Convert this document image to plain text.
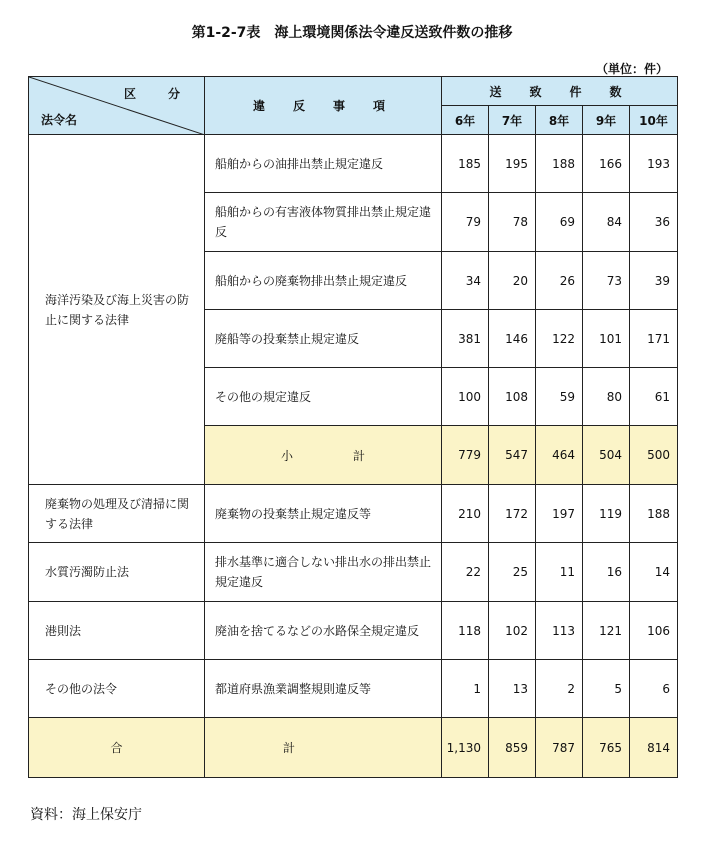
第1-2-7表　海上環境関係法令違反送致件数の推移
（単位：件）
区　分
法令名	違　反　事　項	送　致　件　数				
		6年	7年	8年	9年	10年
海洋汚染及び海上災害の防止に関する法律	船舶からの油排出禁止規定違反	185	195	188	166	193
	船舶からの有害液体物質排出禁止規定違反	79	78	69	84	36
	船舶からの廃棄物排出禁止規定違反	34	20	26	73	39
	廃船等の投棄禁止規定違反	381	146	122	101	171
	その他の規定違反	100	108	59	80	61
	小　　　　　計	779	547	464	504	500
廃棄物の処理及び清掃に関する法律	廃棄物の投棄禁止規定違反等	210	172	197	119	188
水質汚濁防止法	排水基準に適合しない排出水の排出禁止規定違反	22	25	11	16	14
港則法	廃油を捨てるなどの水路保全規定違反	118	102	113	121	106
その他の法令	都道府県漁業調整規則違反等	1	13	2	5	6
合	計	1,130	859	787	765	814
資料：海上保安庁
